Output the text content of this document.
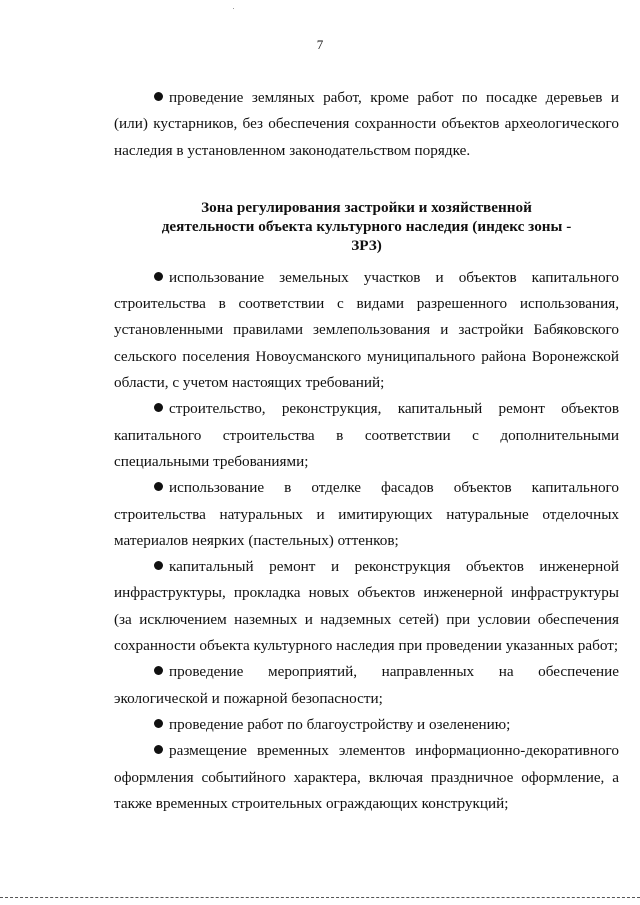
7

проведение земляных работ, кроме работ по посадке деревьев и (или) кустарников, без обеспечения сохранности объектов археологического наследия в установленном законодательством порядке.

Зона регулирования застройки и хозяйственной деятельности объекта культурного наследия (индекс зоны - ЗРЗ)

использование земельных участков и объектов капитального строительства в соответствии с видами разрешенного использования, установленными правилами землепользования и застройки Бабяковского сельского поселения Новоусманского муниципального района Воронежской области, с учетом настоящих требований;

строительство, реконструкция, капитальный ремонт объектов капитального строительства в соответствии с дополнительными специальными требованиями;

использование в отделке фасадов объектов капитального строительства натуральных и имитирующих натуральные отделочных материалов неярких (пастельных) оттенков;

капитальный ремонт и реконструкция объектов инженерной инфраструктуры, прокладка новых объектов инженерной инфраструктуры (за исключением наземных и надземных сетей) при условии обеспечения сохранности объекта культурного наследия при проведении указанных работ;

проведение мероприятий, направленных на обеспечение экологической и пожарной безопасности;

проведение работ по благоустройству и озеленению;

размещение временных элементов информационно-декоративного оформления событийного характера, включая праздничное оформление, а также временных строительных ограждающих конструкций;
